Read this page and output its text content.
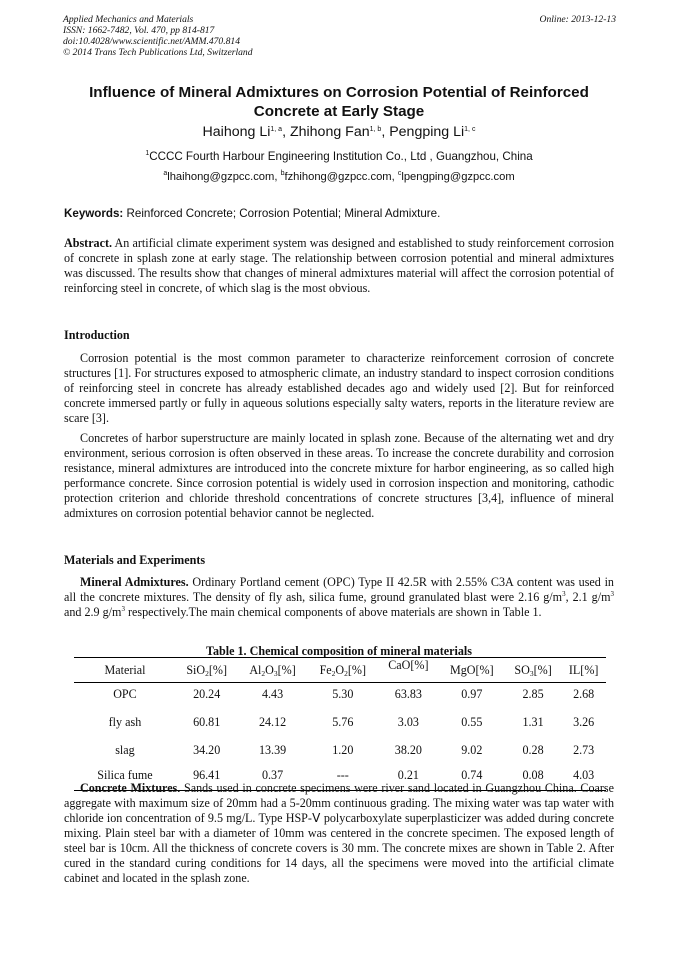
Applied Mechanics and Materials
ISSN: 1662-7482, Vol. 470, pp 814-817
doi:10.4028/www.scientific.net/AMM.470.814
© 2014 Trans Tech Publications Ltd, Switzerland
Online: 2013-12-13
Influence of Mineral Admixtures on Corrosion Potential of Reinforced
Concrete at Early Stage
Haihong Li$^{1, a}$, Zhihong Fan$^{1, b}$, Pengping Li$^{1, c}$
$^1$CCCC Fourth Harbour Engineering Institution Co., Ltd , Guangzhou, China
$^a$lhaihong@gzpcc.com, $^b$fzhihong@gzpcc.com, $^c$lpengping@gzpcc.com
Keywords: Reinforced Concrete; Corrosion Potential; Mineral Admixture.
Abstract. An artificial climate experiment system was designed and established to study reinforcement corrosion of concrete in splash zone at early stage. The relationship between corrosion potential and mineral admixtures was discussed. The results show that changes of mineral admixtures material will affect the corrosion potential of reinforcing steel in concrete, of which slag is the most obvious.
Introduction
Corrosion potential is the most common parameter to characterize reinforcement corrosion of concrete structures [1]. For structures exposed to atmospheric climate, an industry standard to inspect corrosion conditions of reinforcing steel in concrete has already established decades ago and widely used [2]. But for reinforced concrete immersed partly or fully in aqueous solutions especially salty waters, reports in the literature review are scare [3].
Concretes of harbor superstructure are mainly located in splash zone. Because of the alternating wet and dry environment, serious corrosion is often observed in these areas. To increase the concrete durability and corrosion resistance, mineral admixtures are introduced into the concrete mixture for harbor engineering, as so called high performance concrete. Since corrosion potential is widely used in corrosion inspection and monitoring, cathodic protection criterion and chloride threshold concentrations of concrete structures [3,4], influence of mineral admixtures on corrosion potential behavior cannot be neglected.
Materials and Experiments
Mineral Admixtures. Ordinary Portland cement (OPC) Type II 42.5R with 2.55% C3A content was used in all the concrete mixtures. The density of fly ash, silica fume, ground granulated blast were 2.16 $g/m^3$, 2.1 $g/m^3$ and 2.9 $g/m^3$ respectively.The main chemical components of above materials are shown in Table 1.
Table 1. Chemical composition of mineral materials
Material	SiO$_2$[%]	$Al_2O_3[\%]$	$Fe_2O_2[\%]$	CaO[%]	MgO[%]	$SO_3[\%]$	IL[%]
OPC	20.24	4.43	5.30	63.83	0.97	2.85	2.68
fly ash	60.81	24.12	5.76	3.03	0.55	1.31	3.26
slag	34.20	13.39	1.20	38.20	9.02	0.28	2.73
Silica fume	96.41	0.37	---	0.21	0.74	0.08	4.03
Concrete Mixtures. Sands used in concrete specimens were river sand located in Guangzhou China. Coarse aggregate with maximum size of 20mm had a 5-20mm continuous grading. The mixing water was tap water with chloride ion concentration of 9.5 mg/L. Type HSP-Ⅴ polycarboxylate superplasticizer was added during concrete mixing. Plain steel bar with a diameter of 10mm was centered in the concrete specimen. The exposed length of steel bar is 10cm. All the thickness of concrete covers is 30 mm. The concrete mixes are shown in Table 2. After cured in the standard curing conditions for 14 days, all the specimens were moved into the artificial climate cabinet and located in the splash zone.
